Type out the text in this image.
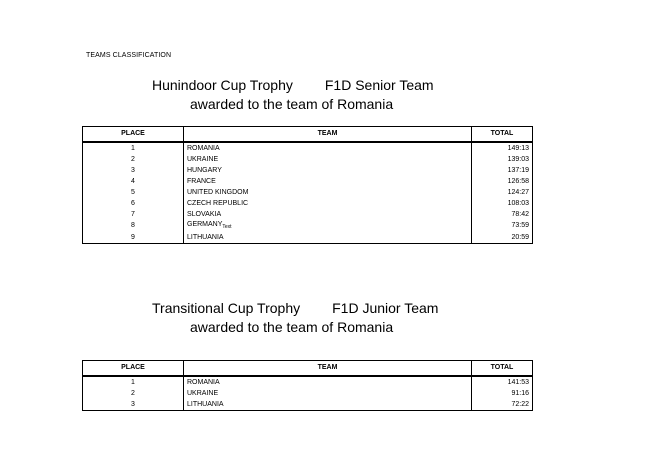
TEAMS CLASSIFICATION
Hunindoor Cup Trophy F1D Senior Team
awarded to the team of Romania
PLACE	TEAM	TOTAL
1	ROMANIA	149:13
2	UKRAINE	139:03
3	HUNGARY	137:19
4	FRANCE	126:58
5	UNITED KINGDOM	124:27
6	CZECH REPUBLIC	108:03
7	SLOVAKIA	78:42
8	$GERMANY_{Text}$	73:59
9	LITHUANIA	20:59
Transitional Cup Trophy F1D Junior Team
awarded to the team of Romania
PLACE	TEAM	TOTAL
1	ROMANIA	141:53
2	UKRAINE	91:16
3	LITHUANIA	72:22
